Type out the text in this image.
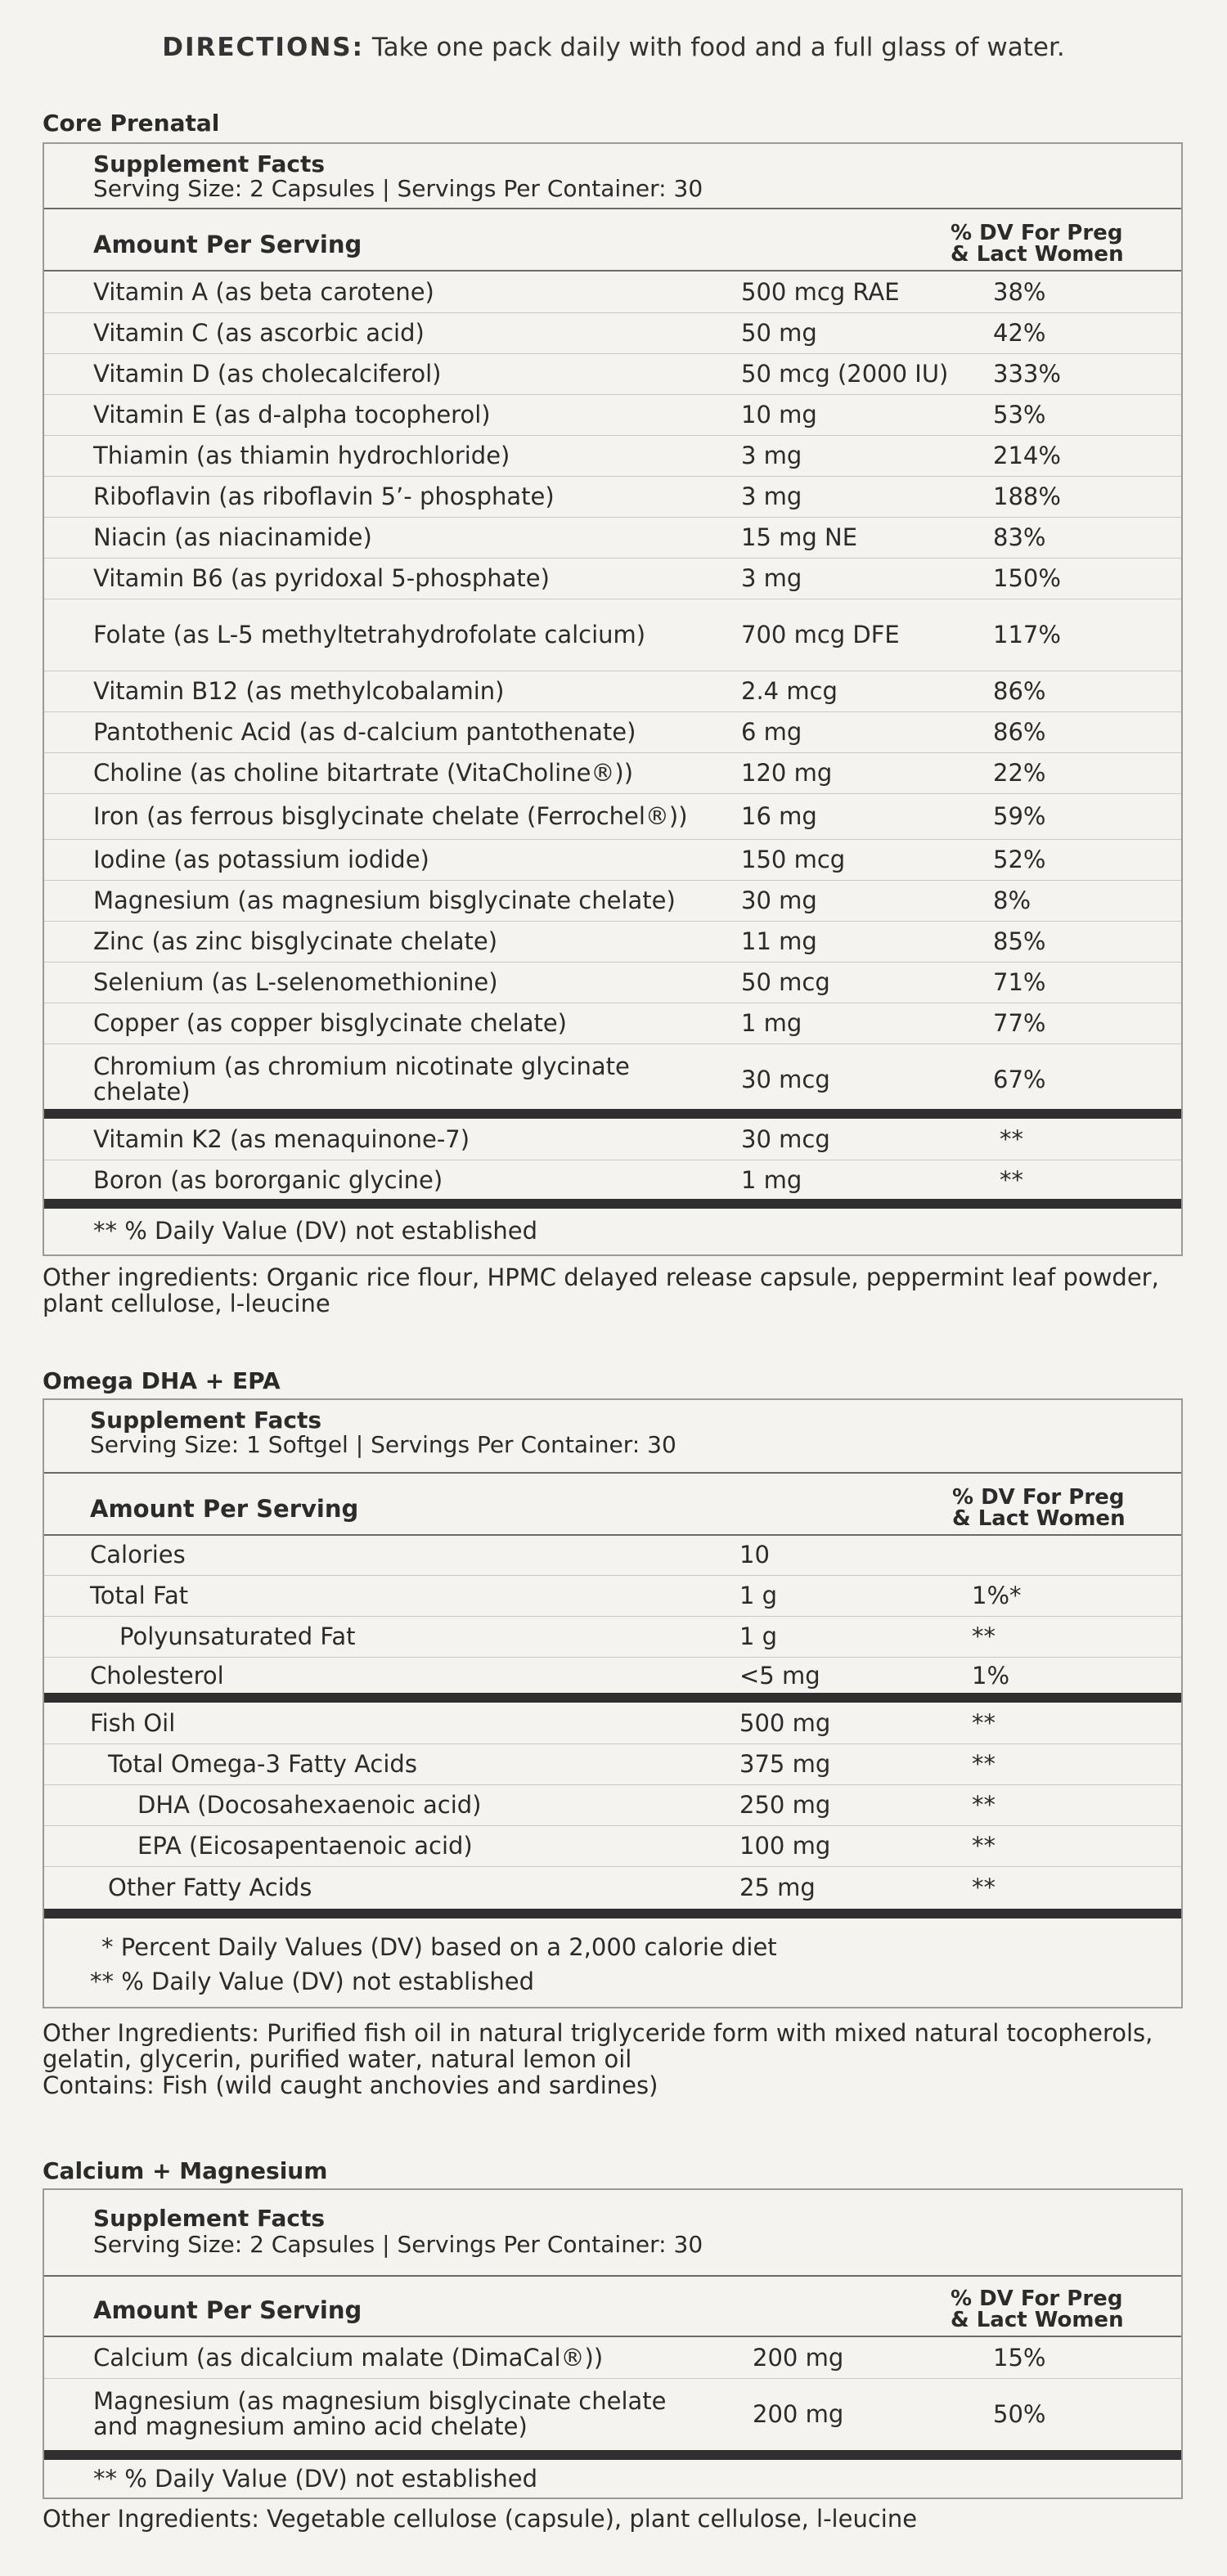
DIRECTIONS: Take one pack daily with food and a full glass of water.
Core Prenatal
Supplement Facts
Serving Size: 2 Capsules | Servings Per Container: 30
Amount Per Serving	% DV For Preg
& Lact Women
Vitamin A (as beta carotene)	500 mcg RAE	38%
Vitamin C (as ascorbic acid)	50 mg	42%
Vitamin D (as cholecalciferol)	50 mcg (2000 IU) 333%
Vitamin E (as d-alpha tocopherol)	10 mg	53%
Thiamin (as thiamin hydrochloride)	3 mg	214%
Riboflavin (as riboflavin 5’- phosphate)	3 mg	188%
Niacin (as niacinamide)	15 mg NE	83%
Vitamin B6 (as pyridoxal 5-phosphate)	3 mg	150%
Folate (as L-5 methyltetrahydrofolate calcium)	700 mcg DFE	117%
Vitamin B12 (as methylcobalamin)	2.4 mcg	86%
Pantothenic Acid (as d-calcium pantothenate)	6 mg	86%
Choline (as choline bitartrate (VitaCholine®))	120 mg	22%
Iron (as ferrous bisglycinate chelate (Ferrochel®))	16 mg	59%
Iodine (as potassium iodide)	150 mcg	52%
Magnesium (as magnesium bisglycinate chelate)	30 mg	8%
Zinc (as zinc bisglycinate chelate)	11 mg	85%
Selenium (as L-selenomethionine)	50 mcg	71%
Copper (as copper bisglycinate chelate)	1 mg	77%
Chromium (as chromium nicotinate glycinate chelate)	30 mcg	67%
Vitamin K2 (as menaquinone-7)	30 mcg	**
Boron (as bororganic glycine)	1 mg	**
** % Daily Value (DV) not established
Other ingredients: Organic rice flour, HPMC delayed release capsule, peppermint leaf powder, plant cellulose, l-leucine
Omega DHA + EPA
Supplement Facts
Serving Size: 1 Softgel | Servings Per Container: 30
Amount Per Serving	% DV For Preg
& Lact Women
Calories	10
Total Fat	1 g	1%*
Polyunsaturated Fat	1 g	**
Cholesterol	<5 mg	1%
Fish Oil	500 mg	**
Total Omega-3 Fatty Acids	375 mg	**
DHA (Docosahexaenoic acid)	250 mg	**
EPA (Eicosapentaenoic acid)	100 mg	**
Other Fatty Acids	25 mg	**
* Percent Daily Values (DV) based on a 2,000 calorie diet
** % Daily Value (DV) not established
Other Ingredients: Purified fish oil in natural triglyceride form with mixed natural tocopherols, gelatin, glycerin, purified water, natural lemon oil
Contains: Fish (wild caught anchovies and sardines)
Calcium + Magnesium
Supplement Facts
Serving Size: 2 Capsules | Servings Per Container: 30
Amount Per Serving	% DV For Preg
& Lact Women
Calcium (as dicalcium malate (DimaCal®))	200 mg	15%
Magnesium (as magnesium bisglycinate chelate and magnesium amino acid chelate)	200 mg	50%
** % Daily Value (DV) not established
Other Ingredients: Vegetable cellulose (capsule), plant cellulose, l-leucine
